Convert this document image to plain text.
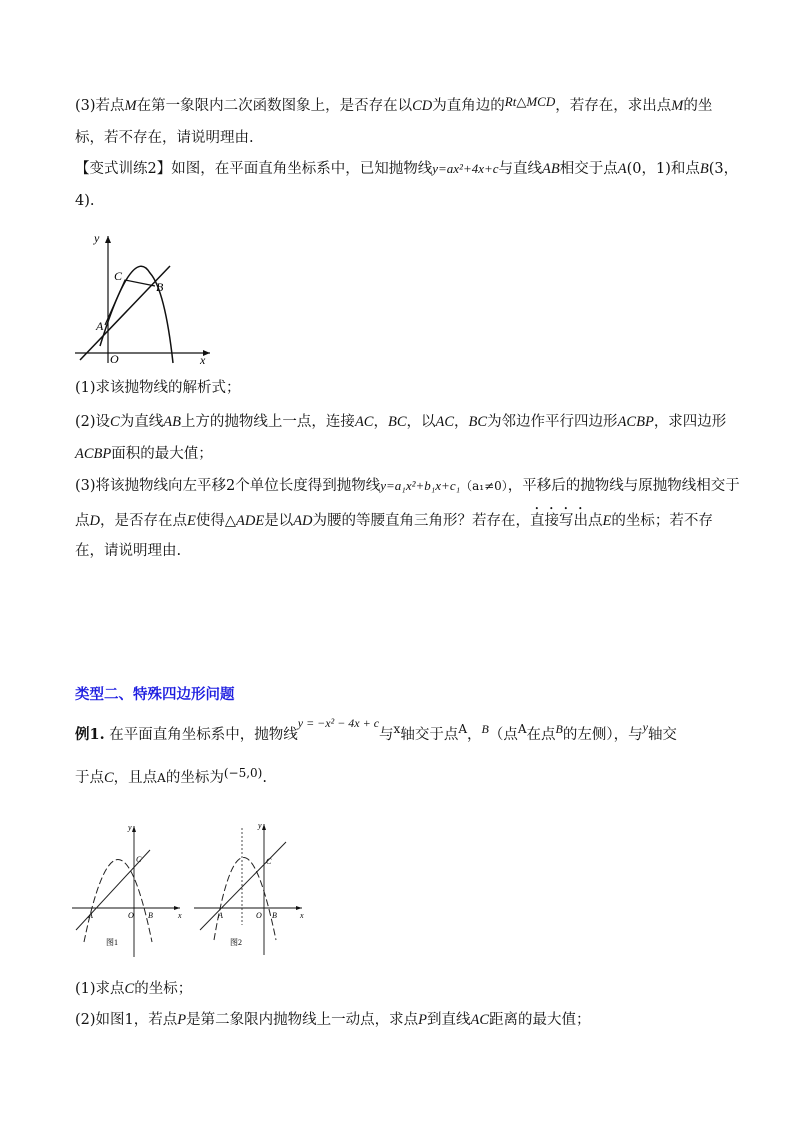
(3)若点M在第一象限内二次函数图象上，是否存在以CD为直角边的Rt△MCD，若存在，求出点M的坐
标，若不存在，请说明理由.
【变式训练2】如图，在平面直角坐标系中，已知抛物线y=ax²+4x+c与直线AB相交于点A(0，1)和点B(3，
4).
y
x
C
B
A
O
(1)求该抛物线的解析式；
(2)设C为直线AB上方的抛物线上一点，连接AC，BC，以AC，BC为邻边作平行四边形ACBP，求四边形
ACBP面积的最大值；
(3)将该抛物线向左平移2个单位长度得到抛物线y=a₁x²+b₁x+c₁（a₁≠0），平移后的抛物线与原抛物线相交于
点D，是否存在点E使得△ADE是以AD为腰的等腰直角三角形？若存在，直接写出点E的坐标；若不存
在，请说明理由.
类型二、特殊四边形问题
例1. 在平面直角坐标系中，抛物线$^{y = -x^2 - 4x + c}$与$^x$轴交于点$^A$，$^B$（点$^A$在点$^B$的左侧），与$^y$轴交
于点C，且点A的坐标为$^{(-5,0)}$.
y
x
C
A	O B
图1
y
x
C
A	O B
图2
(1)求点C的坐标；
(2)如图1，若点P是第二象限内抛物线上一动点，求点P到直线AC距离的最大值；
